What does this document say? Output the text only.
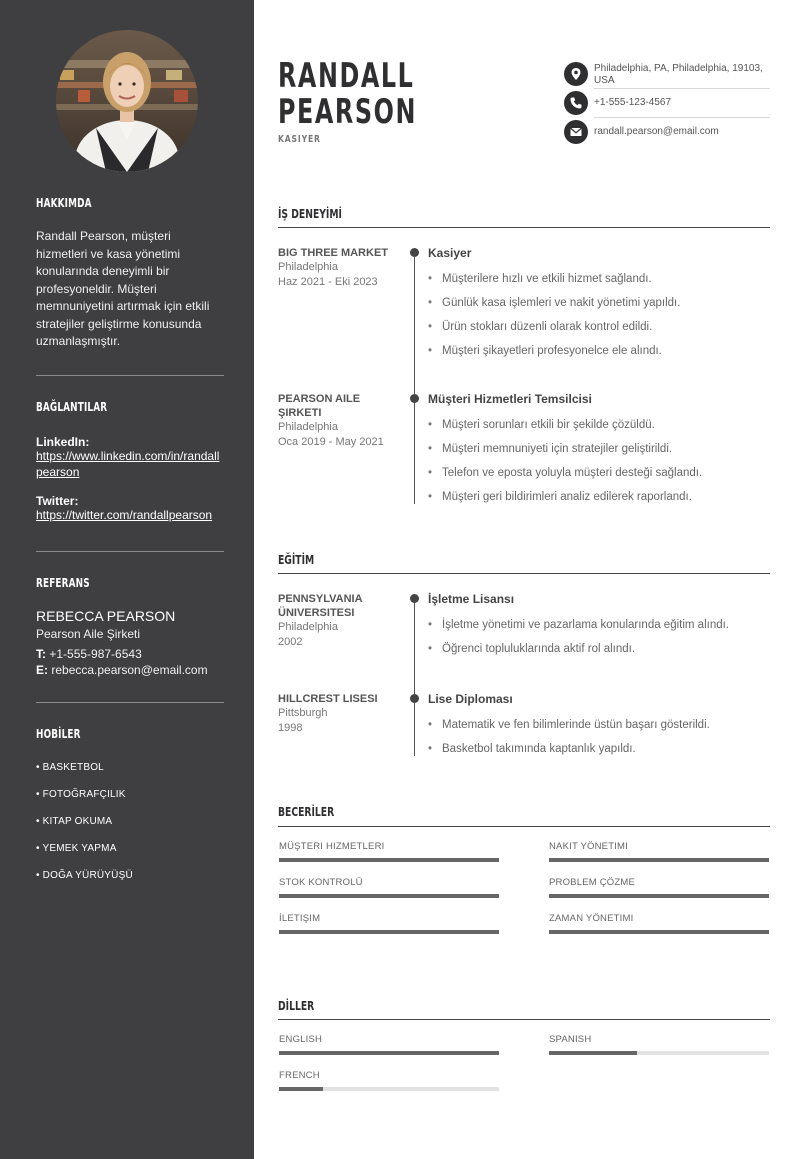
HAKKIMDA
Randall Pearson, müşteri hizmetleri ve kasa yönetimi konularında deneyimli bir profesyoneldir. Müşteri memnuniyetini artırmak için etkili stratejiler geliştirme konusunda uzmanlaşmıştır.
BAĞLANTILAR
LinkedIn:
https://www.linkedin.com/in/randallpearson
Twitter:
https://twitter.com/randallpearson
REFERANS
REBECCA PEARSON
Pearson Aile Şirketi
T: +1-555-987-6543
E: rebecca.pearson@email.com
HOBİLER
• BASKETBOL
• FOTOĞRAFÇILIK
• KITAP OKUMA
• YEMEK YAPMA
• DOĞA YÜRÜYÜŞÜ
RANDALL
PEARSON
KASIYER
Philadelphia, PA, Philadelphia, 19103, USA
+1-555-123-4567
randall.pearson@email.com
İŞ DENEYİMİ
BIG THREE MARKET
Philadelphia
Haz 2021 - Eki 2023
Kasiyer
• Müşterilere hızlı ve etkili hizmet sağlandı.
• Günlük kasa işlemleri ve nakit yönetimi yapıldı.
• Ürün stokları düzenli olarak kontrol edildi.
• Müşteri şikayetleri profesyonelce ele alındı.
PEARSON AILE ŞIRKETI
Philadelphia
Oca 2019 - May 2021
Müşteri Hizmetleri Temsilcisi
• Müşteri sorunları etkili bir şekilde çözüldü.
• Müşteri memnuniyeti için stratejiler geliştirildi.
• Telefon ve eposta yoluyla müşteri desteği sağlandı.
• Müşteri geri bildirimleri analiz edilerek raporlandı.
EĞİTİM
PENNSYLVANIA ÜNIVERSITESI
Philadelphia
2002
İşletme Lisansı
• İşletme yönetimi ve pazarlama konularında eğitim alındı.
• Öğrenci topluluklarında aktif rol alındı.
HILLCREST LISESI
Pittsburgh
1998
Lise Diploması
• Matematik ve fen bilimlerinde üstün başarı gösterildi.
• Basketbol takımında kaptanlık yapıldı.
BECERİLER
MÜŞTERI HIZMETLERI	NAKIT YÖNETIMI
STOK KONTROLÜ	PROBLEM ÇÖZME
İLETIŞIM	ZAMAN YÖNETIMI
DİLLER
ENGLISH	SPANISH
FRENCH
